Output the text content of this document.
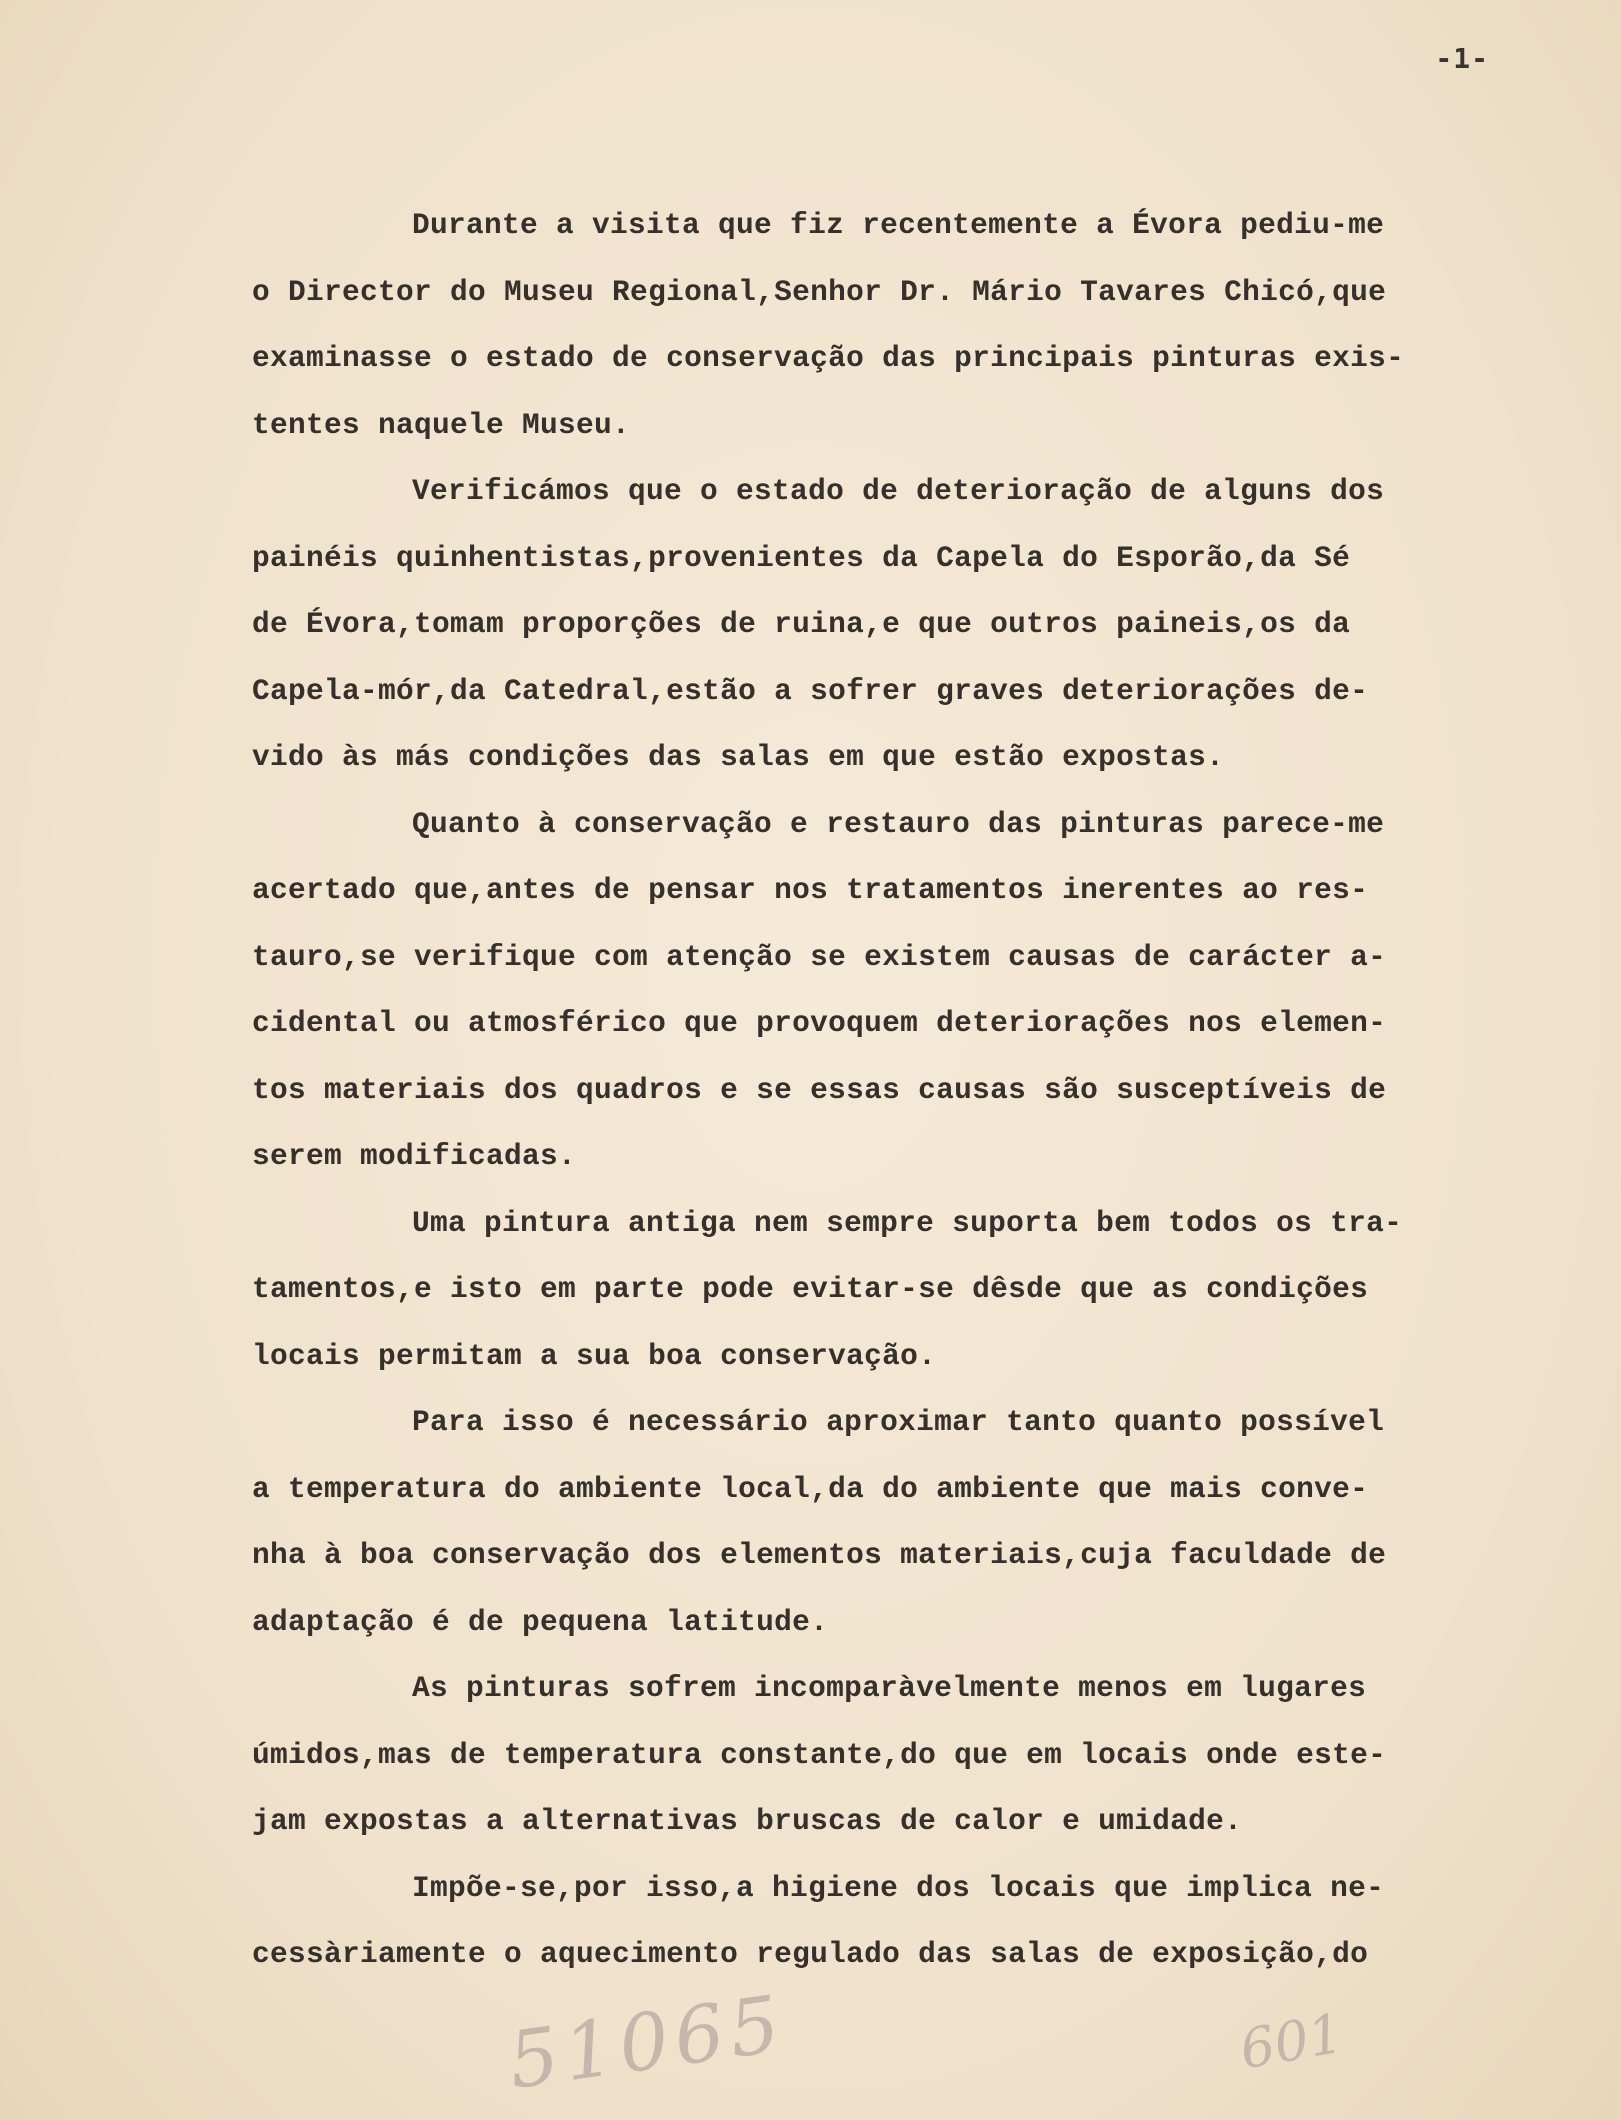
-1-

Durante a visita que fiz recentemente a Évora pediu-me
o Director do Museu Regional,Senhor Dr. Mário Tavares Chicó,que
examinasse o estado de conservação das principais pinturas exis-
tentes naquele Museu.

Verificámos que o estado de deterioração de alguns dos
painéis quinhentistas,provenientes da Capela do Esporão,da Sé
de Évora,tomam proporções de ruina,e que outros paineis,os da
Capela-mór,da Catedral,estão a sofrer graves deteriorações de-
vido às más condições das salas em que estão expostas.

Quanto à conservação e restauro das pinturas parece-me
acertado que,antes de pensar nos tratamentos inerentes ao res-
tauro,se verifique com atenção se existem causas de carácter a-
cidental ou atmosférico que provoquem deteriorações nos elemen-
tos materiais dos quadros e se essas causas são susceptíveis de
serem modificadas.

Uma pintura antiga nem sempre suporta bem todos os tra-
tamentos,e isto em parte pode evitar-se dêsde que as condições
locais permitam a sua boa conservação.

Para isso é necessário aproximar tanto quanto possível
a temperatura do ambiente local,da do ambiente que mais conve-
nha à boa conservação dos elementos materiais,cuja faculdade de
adaptação é de pequena latitude.

As pinturas sofrem incomparàvelmente menos em lugares
úmidos,mas de temperatura constante,do que em locais onde este-
jam expostas a alternativas bruscas de calor e umidade.

Impõe-se,por isso,a higiene dos locais que implica ne-
cessàriamente o aquecimento regulado das salas de exposição,do

51065	601
